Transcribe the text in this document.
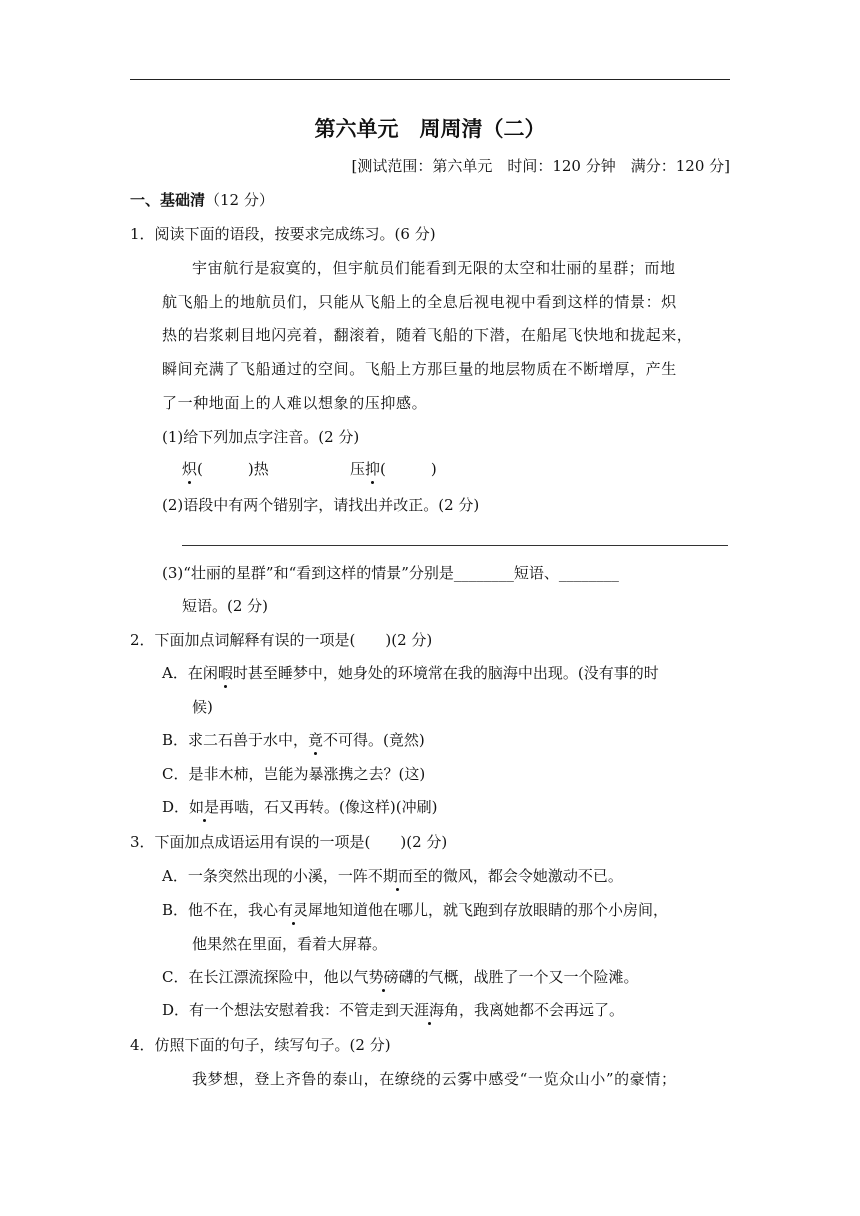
第六单元　周周清（二）
[测试范围：第六单元　时间：120 分钟　满分：120 分]
一、基础清（12 分）
1．阅读下面的语段，按要求完成练习。(6 分)
宇宙航行是寂寞的，但宇航员们能看到无限的太空和壮丽的星群；而地
航飞船上的地航员们，只能从飞船上的全息后视电视中看到这样的情景：炽
热的岩浆刺目地闪亮着，翻滚着，随着飞船的下潜，在船尾飞快地和拢起来，
瞬间充满了飞船通过的空间。飞船上方那巨量的地层物质在不断增厚，产生
了一种地面上的人难以想象的压抑感。
(1)给下列加点字注音。(2 分)
炽(　　　)热	压抑(　　　)
(2)语段中有两个错别字，请找出并改正。(2 分)
(3)“壮丽的星群”和“看到这样的情景”分别是________短语、________
短语。(2 分)
2．下面加点词解释有误的一项是(　　)(2 分)
A．在闲暇时甚至睡梦中，她身处的环境常在我的脑海中出现。(没有事的时
候)
B．求二石兽于水中，竟不可得。(竟然)
C．是非木柿，岂能为暴涨携之去？(这)
D．如是再啮，石又再转。(像这样)(冲刷)
3．下面加点成语运用有误的一项是(　　)(2 分)
A．一条突然出现的小溪，一阵不期而至的微风，都会令她激动不已。
B．他不在，我心有灵犀地知道他在哪儿，就飞跑到存放眼睛的那个小房间，
他果然在里面，看着大屏幕。
C．在长江漂流探险中，他以气势磅礴的气概，战胜了一个又一个险滩。
D．有一个想法安慰着我：不管走到天涯海角，我离她都不会再远了。
4．仿照下面的句子，续写句子。(2 分)
我梦想，登上齐鲁的泰山，在缭绕的云雾中感受“一览众山小”的豪情；
